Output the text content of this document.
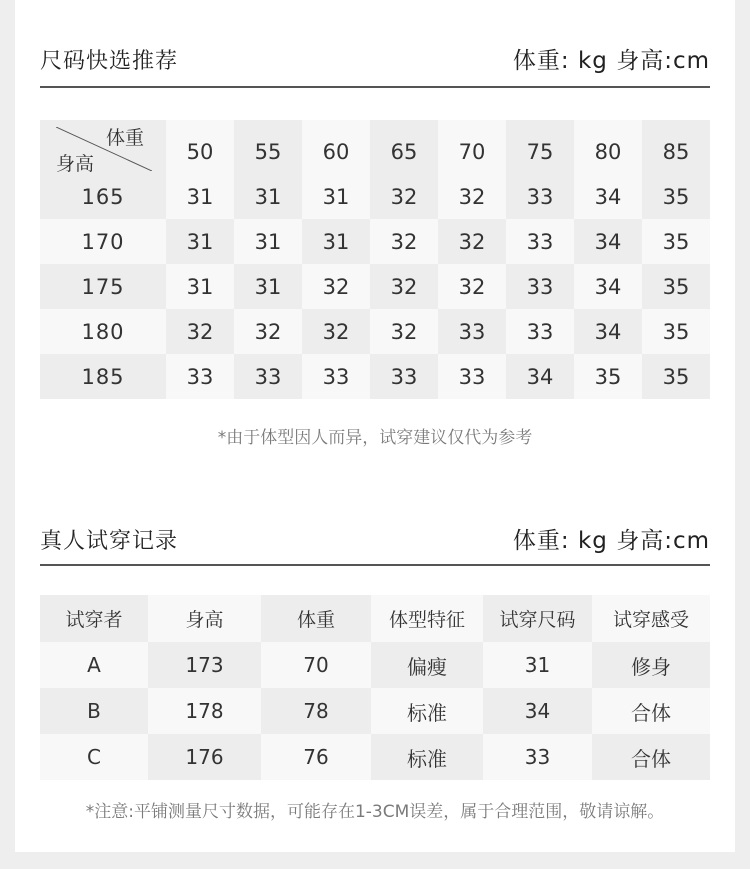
尺码快选推荐	体重: kg 身高:cm
体重
身高	50	55	60	65	70	75	80	85
165	31	31	31	32	32	33	34	35
170	31	31	31	32	32	33	34	35
175	31	31	32	32	32	33	34	35
180	32	32	32	32	33	33	34	35
185	33	33	33	33	33	34	35	35
*由于体型因人而异，试穿建议仅代为参考
真人试穿记录	体重: kg 身高:cm
试穿者	身高	体重	体型特征	试穿尺码	试穿感受
A	173	70	偏瘦	31	修身
B	178	78	标准	34	合体
C	176	76	标准	33	合体
*注意:平铺测量尺寸数据，可能存在1-3CM误差，属于合理范围，敬请谅解。
